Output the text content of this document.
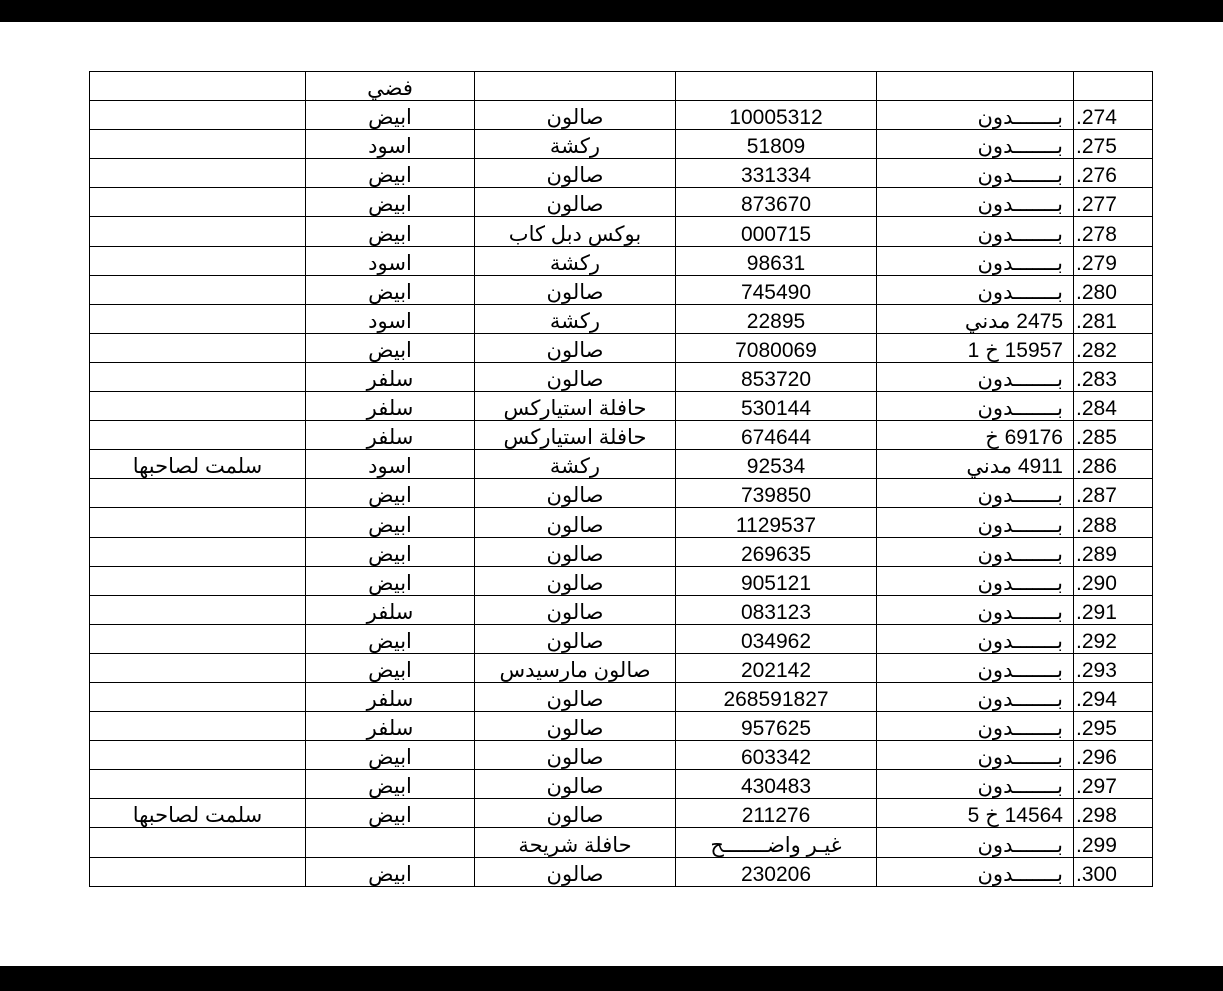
	فضي				
	ابيض	صالون	10005312	بـــــــدون	.274
	اسود	ركشة	51809	بـــــــدون	.275
	ابيض	صالون	331334	بـــــــدون	.276
	ابيض	صالون	873670	بـــــــدون	.277
	ابيض	بوكس دبل كاب	000715	بـــــــدون	.278
	اسود	ركشة	98631	بـــــــدون	.279
	ابيض	صالون	745490	بـــــــدون	.280
	اسود	ركشة	22895	2475 مدني	.281
	ابيض	صالون	7080069	15957 خ 1	.282
	سلفر	صالون	853720	بـــــــدون	.283
	سلفر	حافلة استياركس	530144	بـــــــدون	.284
	سلفر	حافلة استياركس	674644	69176 خ	.285
سلمت لصاحبها	اسود	ركشة	92534	4911 مدني	.286
	ابيض	صالون	739850	بـــــــدون	.287
	ابيض	صالون	1129537	بـــــــدون	.288
	ابيض	صالون	269635	بـــــــدون	.289
	ابيض	صالون	905121	بـــــــدون	.290
	سلفر	صالون	083123	بـــــــدون	.291
	ابيض	صالون	034962	بـــــــدون	.292
	ابيض	صالون مارسيدس	202142	بـــــــدون	.293
	سلفر	صالون	268591827	بـــــــدون	.294
	سلفر	صالون	957625	بـــــــدون	.295
	ابيض	صالون	603342	بـــــــدون	.296
	ابيض	صالون	430483	بـــــــدون	.297
سلمت لصاحبها	ابيض	صالون	211276	14564 خ 5	.298
		حافلة شريحة	غيـر واضـــــــح	بـــــــدون	.299
	ابيض	صالون	230206	بـــــــدون	.300
